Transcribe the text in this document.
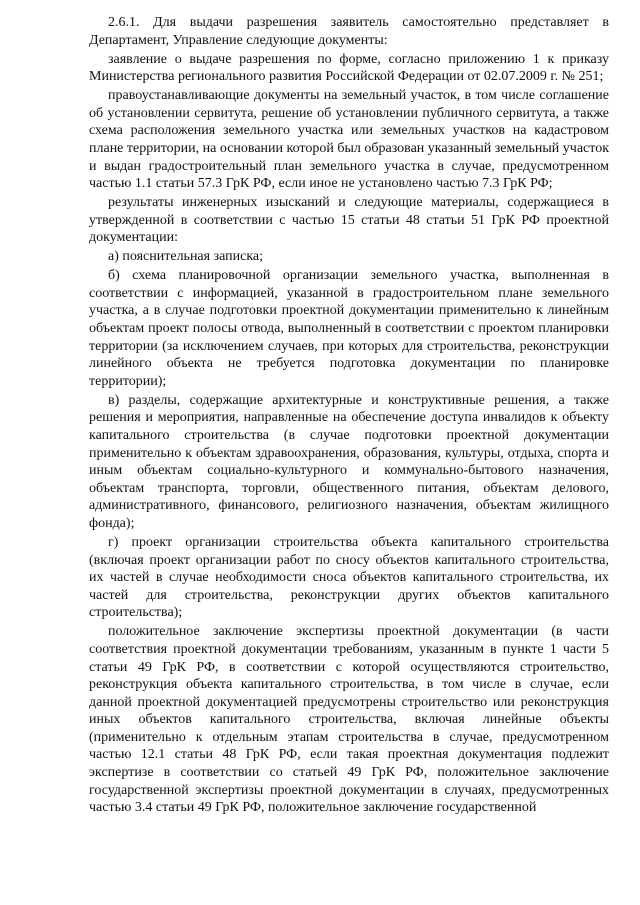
2.6.1. Для выдачи разрешения заявитель самостоятельно представляет в Департамент, Управление следующие документы:

заявление о выдаче разрешения по форме, согласно приложению 1 к приказу Министерства регионального развития Российской Федерации от 02.07.2009 г. № 251;

правоустанавливающие документы на земельный участок, в том числе соглашение об установлении сервитута, решение об установлении публичного сервитута, а также схема расположения земельного участка или земельных участков на кадастровом плане территории, на основании которой был образован указанный земельный участок и выдан градостроительный план земельного участка в случае, предусмотренном частью 1.1 статьи 57.3 ГрК РФ, если иное не установлено частью 7.3 ГрК РФ;

результаты инженерных изысканий и следующие материалы, содержащиеся в утвержденной в соответствии с частью 15 статьи 48 статьи 51 ГрК РФ проектной документации:

а) пояснительная записка;

б) схема планировочной организации земельного участка, выполненная в соответствии с информацией, указанной в градостроительном плане земельного участка, а в случае подготовки проектной документации применительно к линейным объектам проект полосы отвода, выполненный в соответствии с проектом планировки территории (за исключением случаев, при которых для строительства, реконструкции линейного объекта не требуется подготовка документации по планировке территории);

в) разделы, содержащие архитектурные и конструктивные решения, а также решения и мероприятия, направленные на обеспечение доступа инвалидов к объекту капитального строительства (в случае подготовки проектной документации применительно к объектам здравоохранения, образования, культуры, отдыха, спорта и иным объектам социально-культурного и коммунально-бытового назначения, объектам транспорта, торговли, общественного питания, объектам делового, административного, финансового, религиозного назначения, объектам жилищного фонда);

г) проект организации строительства объекта капитального строительства (включая проект организации работ по сносу объектов капитального строительства, их частей в случае необходимости сноса объектов капитального строительства, их частей для строительства, реконструкции других объектов капитального строительства);

положительное заключение экспертизы проектной документации (в части соответствия проектной документации требованиям, указанным в пункте 1 части 5 статьи 49 ГрК РФ, в соответствии с которой осуществляются строительство, реконструкция объекта капитального строительства, в том числе в случае, если данной проектной документацией предусмотрены строительство или реконструкция иных объектов капитального строительства, включая линейные объекты (применительно к отдельным этапам строительства в случае, предусмотренном частью 12.1 статьи 48 ГрК РФ, если такая проектная документация подлежит экспертизе в соответствии со статьей 49 ГрК РФ, положительное заключение государственной экспертизы проектной документации в случаях, предусмотренных частью 3.4 статьи 49 ГрК РФ, положительное заключение государственной
